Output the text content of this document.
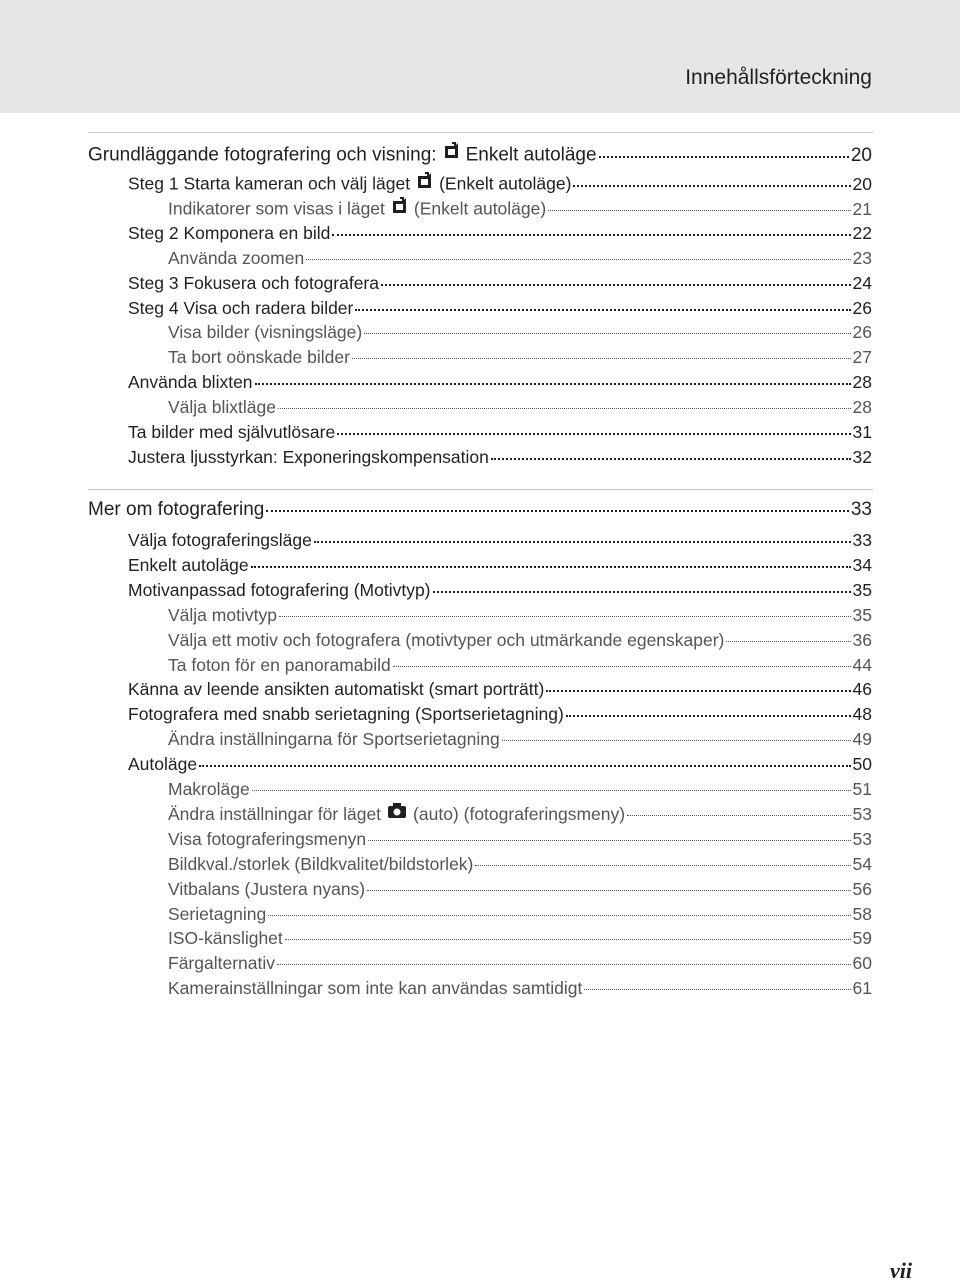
Innehållsförteckning
Grundläggande fotografering och visning: Enkelt autoläge	20
Steg 1 Starta kameran och välj läget (Enkelt autoläge)	20
Indikatorer som visas i läget (Enkelt autoläge)	21
Steg 2 Komponera en bild	22
Använda zoomen	23
Steg 3 Fokusera och fotografera	24
Steg 4 Visa och radera bilder	26
Visa bilder (visningsläge)	26
Ta bort oönskade bilder	27
Använda blixten	28
Välja blixtläge	28
Ta bilder med självutlösare	31
Justera ljusstyrkan: Exponeringskompensation	32
Mer om fotografering	33
Välja fotograferingsläge	33
Enkelt autoläge	34
Motivanpassad fotografering (Motivtyp)	35
Välja motivtyp	35
Välja ett motiv och fotografera (motivtyper och utmärkande egenskaper)	36
Ta foton för en panoramabild	44
Känna av leende ansikten automatiskt (smart porträtt)	46
Fotografera med snabb serietagning (Sportserietagning)	48
Ändra inställningarna för Sportserietagning	49
Autoläge	50
Makroläge	51
Ändra inställningar för läget (auto) (fotograferingsmeny)	53
Visa fotograferingsmenyn	53
Bildkval./storlek (Bildkvalitet/bildstorlek)	54
Vitbalans (Justera nyans)	56
Serietagning	58
ISO-känslighet	59
Färgalternativ	60
Kamerainställningar som inte kan användas samtidigt	61
vii
